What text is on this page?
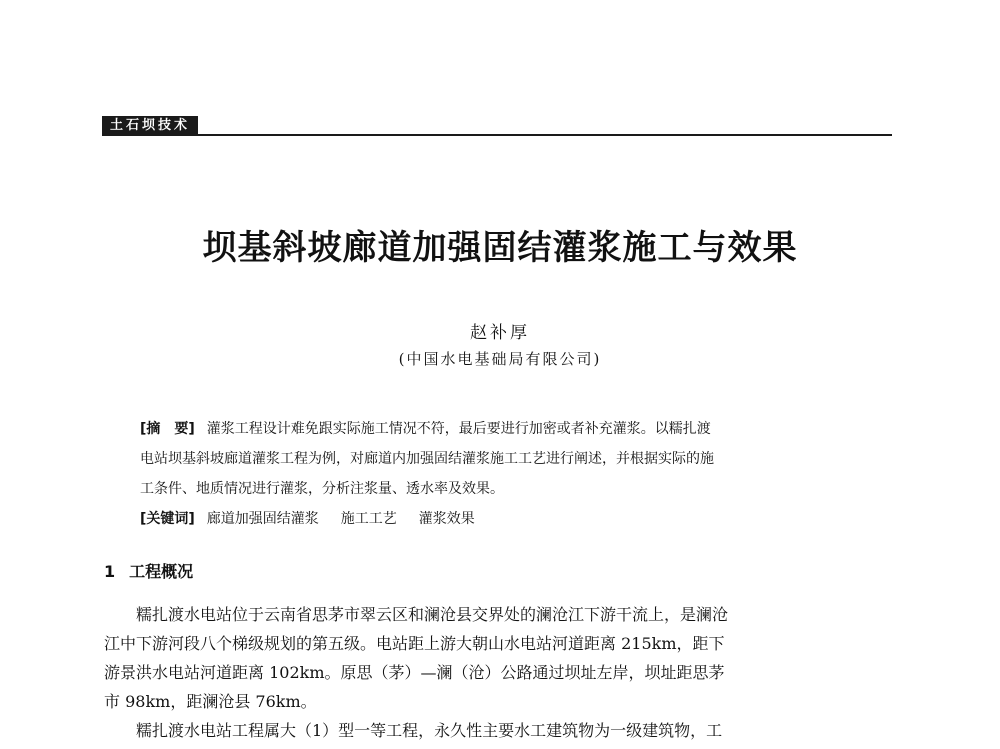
土石坝技术
坝基斜坡廊道加强固结灌浆施工与效果
赵补厚
(中国水电基础局有限公司)
[摘　要] 灌浆工程设计难免跟实际施工情况不符，最后要进行加密或者补充灌浆。以糯扎渡
电站坝基斜坡廊道灌浆工程为例，对廊道内加强固结灌浆施工工艺进行阐述，并根据实际的施
工条件、地质情况进行灌浆，分析注浆量、透水率及效果。
[关键词] 廊道加强固结灌浆 施工工艺 灌浆效果
1 工程概况
糯扎渡水电站位于云南省思茅市翠云区和澜沧县交界处的澜沧江下游干流上，是澜沧
江中下游河段八个梯级规划的第五级。电站距上游大朝山水电站河道距离 215km，距下
游景洪水电站河道距离 102km。原思（茅）—澜（沧）公路通过坝址左岸，坝址距思茅
市 98km，距澜沧县 76km。
糯扎渡水电站工程属大（1）型一等工程，永久性主要水工建筑物为一级建筑物，工
